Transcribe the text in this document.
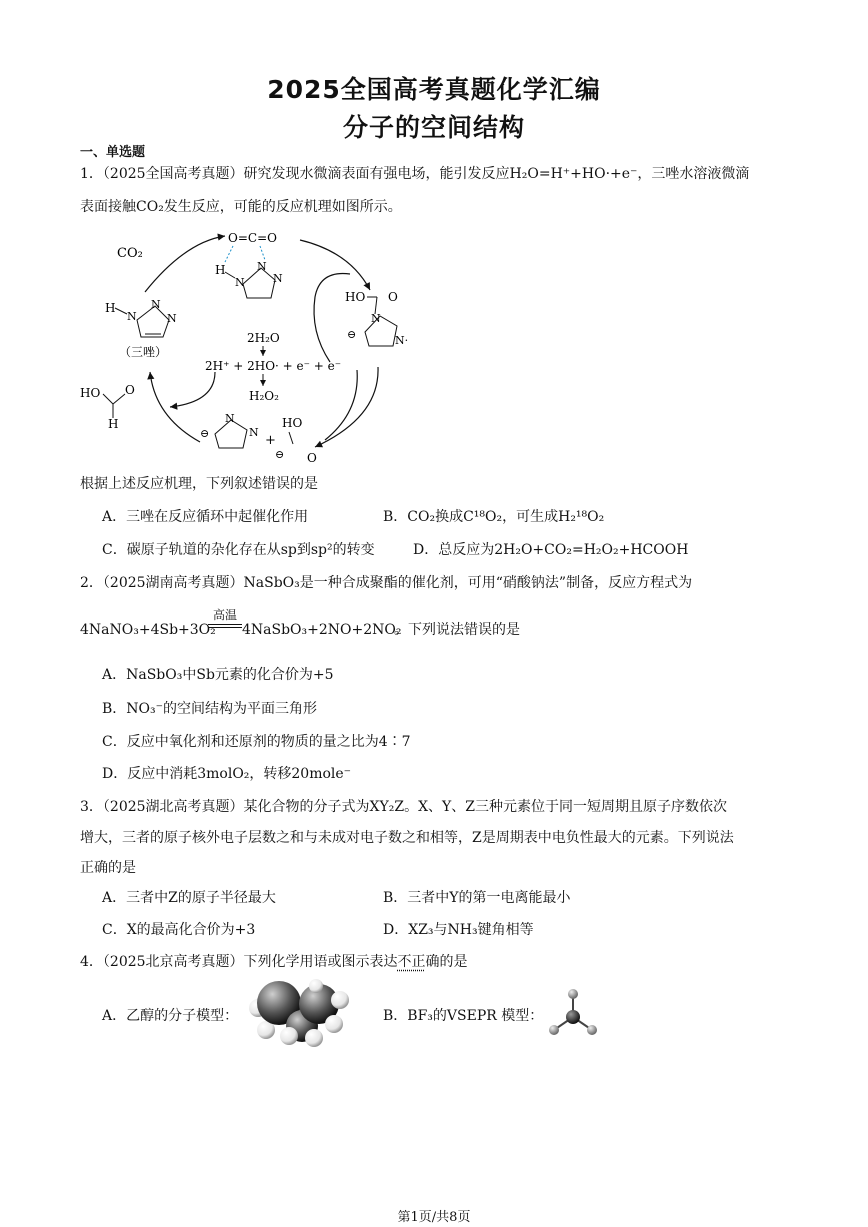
2025全国高考真题化学汇编
分子的空间结构
一、单选题
1．（2025全国高考真题）研究发现水微滴表面有强电场，能引发反应H₂O=H⁺+HO·+e⁻，三唑水溶液微滴
表面接触CO₂发生反应，可能的反应机理如图所示。
CO₂
H
N
N
N
（三唑）
O=C=O
H
N
N
N
HO O
⊖
N
N·
2H₂O
2H⁺ + 2HO· + e⁻ + e⁻
H₂O₂
HO O
H
⊖
N
N
+
HO
⊖ O
根据上述反应机理，下列叙述错误的是
A．三唑在反应循环中起催化作用	B．CO₂换成C¹⁸O₂，可生成H₂¹⁸O₂
C．碳原子轨道的杂化存在从sp到sp²的转变	D．总反应为2H₂O+CO₂=H₂O₂+HCOOH
2．（2025湖南高考真题）NaSbO₃是一种合成聚酯的催化剂，可用“硝酸钠法”制备，反应方程式为
4NaNO₃+4Sb+3O₂
高温
4NaSbO₃+2NO+2NO₂
。下列说法错误的是
A．NaSbO₃中Sb元素的化合价为+5
B．NO₃⁻的空间结构为平面三角形
C．反应中氧化剂和还原剂的物质的量之比为4∶7
D．反应中消耗3molO₂，转移20mole⁻
3．（2025湖北高考真题）某化合物的分子式为XY₂Z。X、Y、Z三种元素位于同一短周期且原子序数依次
增大，三者的原子核外电子层数之和与未成对电子数之和相等，Z是周期表中电负性最大的元素。下列说法
正确的是
A．三者中Z的原子半径最大	B．三者中Y的第一电离能最小
C．X的最高化合价为+3	D．XZ₃与NH₃键角相等
4．（2025北京高考真题）下列化学用语或图示表达不正确的是
A．乙醇的分子模型：	B．BF₃的VSEPR 模型：
第1页/共8页
